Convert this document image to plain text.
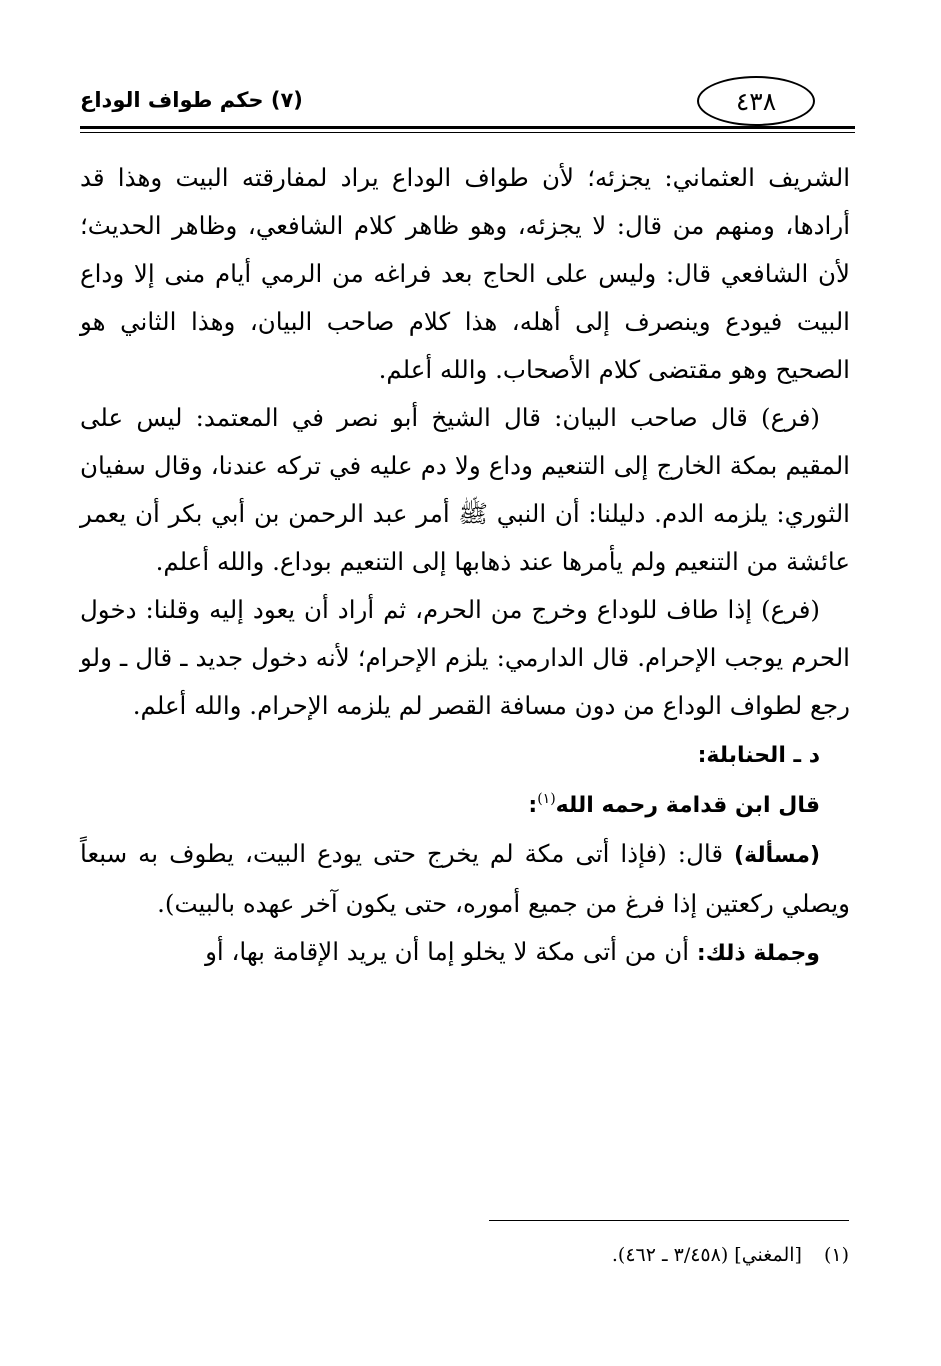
٤٣٨
(٧) حكم طواف الوداع

الشريف العثماني: يجزئه؛ لأن طواف الوداع يراد لمفارقته البيت وهذا قد أرادها، ومنهم من قال: لا يجزئه، وهو ظاهر كلام الشافعي، وظاهر الحديث؛ لأن الشافعي قال: وليس على الحاج بعد فراغه من الرمي أيام منى إلا وداع البيت فيودع وينصرف إلى أهله، هذا كلام صاحب البيان، وهذا الثاني هو الصحيح وهو مقتضى كلام الأصحاب. والله أعلم.

(فرع) قال صاحب البيان: قال الشيخ أبو نصر في المعتمد: ليس على المقيم بمكة الخارج إلى التنعيم وداع ولا دم عليه في تركه عندنا، وقال سفيان الثوري: يلزمه الدم. دليلنا: أن النبي ﷺ أمر عبد الرحمن بن أبي بكر أن يعمر عائشة من التنعيم ولم يأمرها عند ذهابها إلى التنعيم بوداع. والله أعلم.

(فرع) إذا طاف للوداع وخرج من الحرم، ثم أراد أن يعود إليه وقلنا: دخول الحرم يوجب الإحرام. قال الدارمي: يلزم الإحرام؛ لأنه دخول جديد ـ قال ـ ولو رجع لطواف الوداع من دون مسافة القصر لم يلزمه الإحرام. والله أعلم.

د ـ الحنابلة:

قال ابن قدامة رحمه الله$^{(١)}$:

(مسألة) قال: (فإذا أتى مكة لم يخرج حتى يودع البيت، يطوف به سبعاً ويصلي ركعتين إذا فرغ من جميع أموره، حتى يكون آخر عهده بالبيت).

وجملة ذلك: أن من أتى مكة لا يخلو إما أن يريد الإقامة بها، أو

(١)[المغني] (٣/٤٥٨ ـ ٤٦٢).
